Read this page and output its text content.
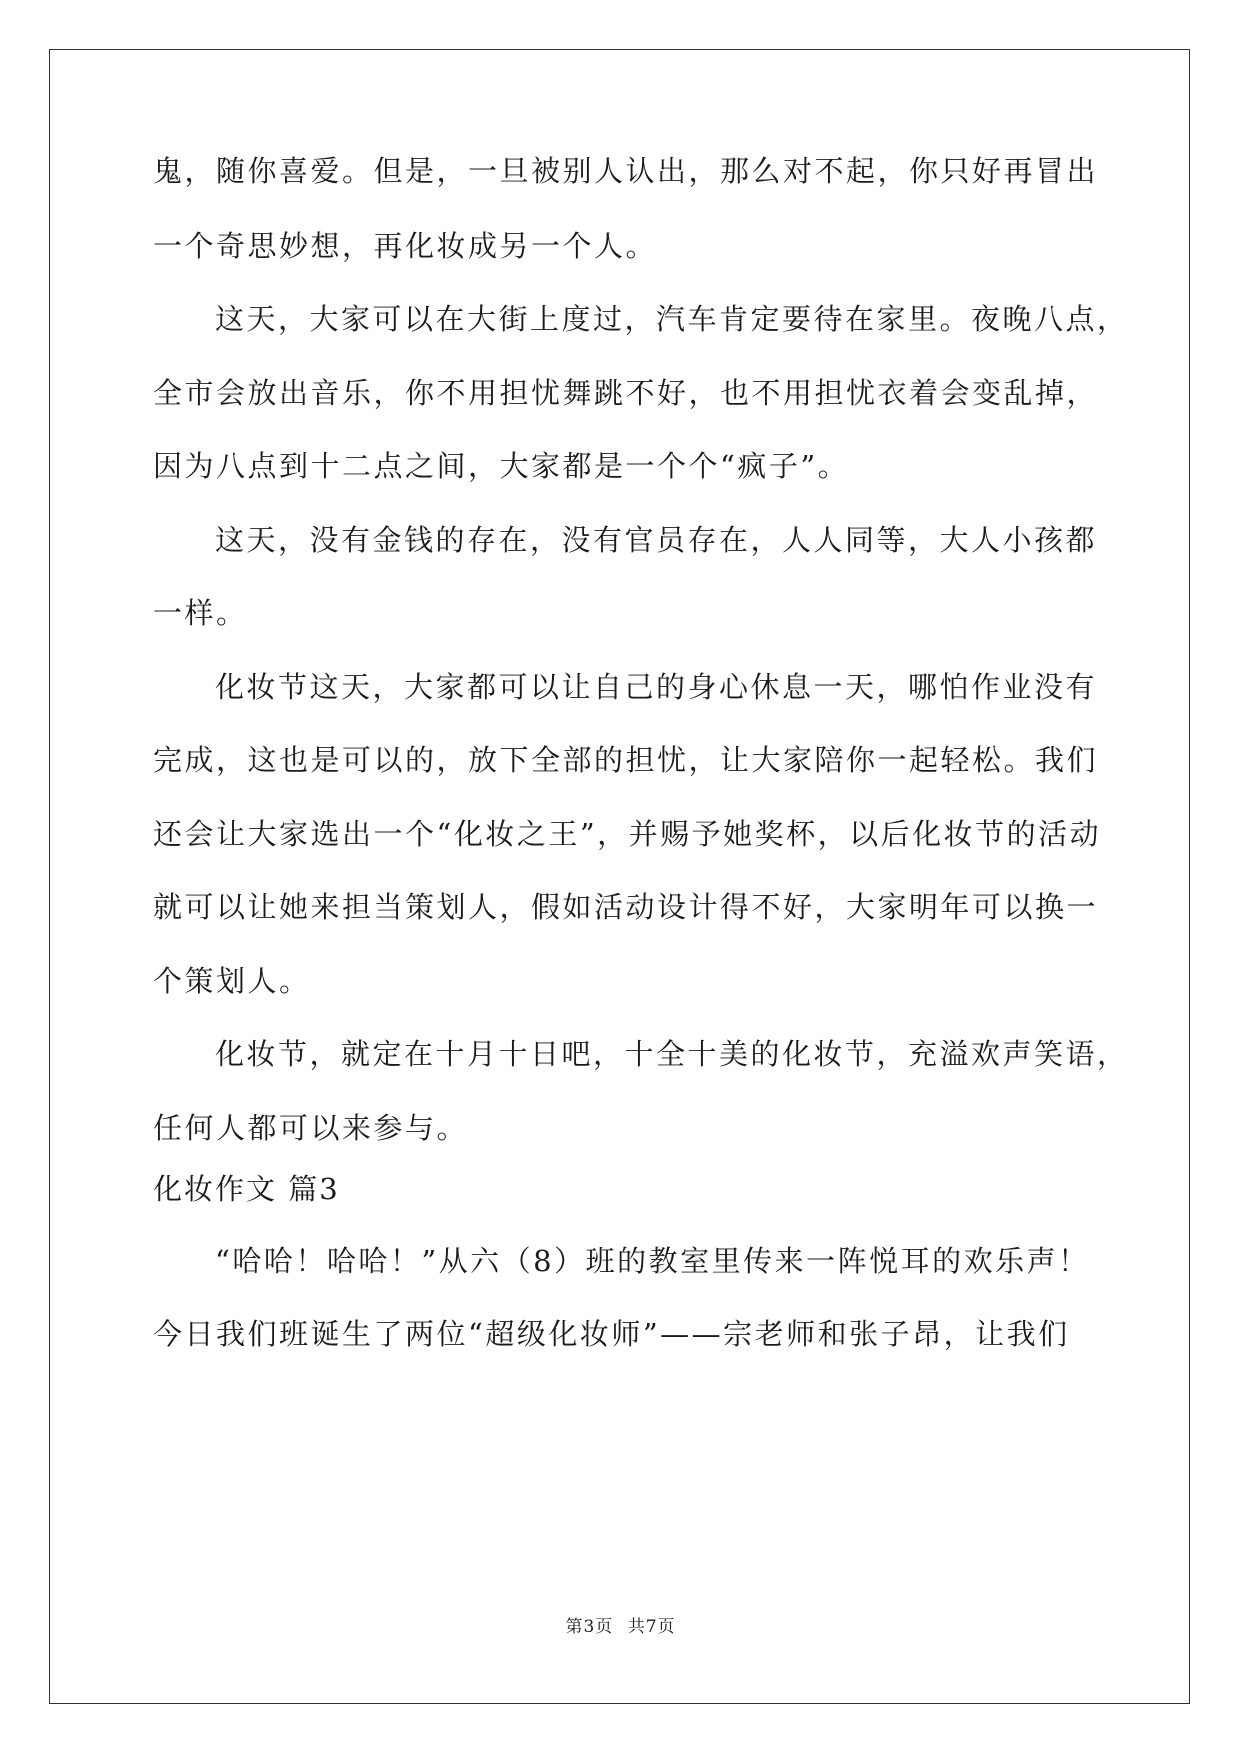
鬼，随你喜爱。但是，一旦被别人认出，那么对不起，你只好再冒出
一个奇思妙想，再化妆成另一个人。
这天，大家可以在大街上度过，汽车肯定要待在家里。夜晚八点，
全市会放出音乐，你不用担忧舞跳不好，也不用担忧衣着会变乱掉，
因为八点到十二点之间，大家都是一个个“疯子”。
这天，没有金钱的存在，没有官员存在，人人同等，大人小孩都
一样。
化妆节这天，大家都可以让自己的身心休息一天，哪怕作业没有
完成，这也是可以的，放下全部的担忧，让大家陪你一起轻松。我们
还会让大家选出一个“化妆之王”，并赐予她奖杯，以后化妆节的活动
就可以让她来担当策划人，假如活动设计得不好，大家明年可以换一
个策划人。
化妆节，就定在十月十日吧，十全十美的化妆节，充溢欢声笑语，
任何人都可以来参与。
化妆作文 篇3
“哈哈！哈哈！”从六（8）班的教室里传来一阵悦耳的欢乐声！
今日我们班诞生了两位“超级化妆师”——宗老师和张子昂，让我们
第3页 共7页
